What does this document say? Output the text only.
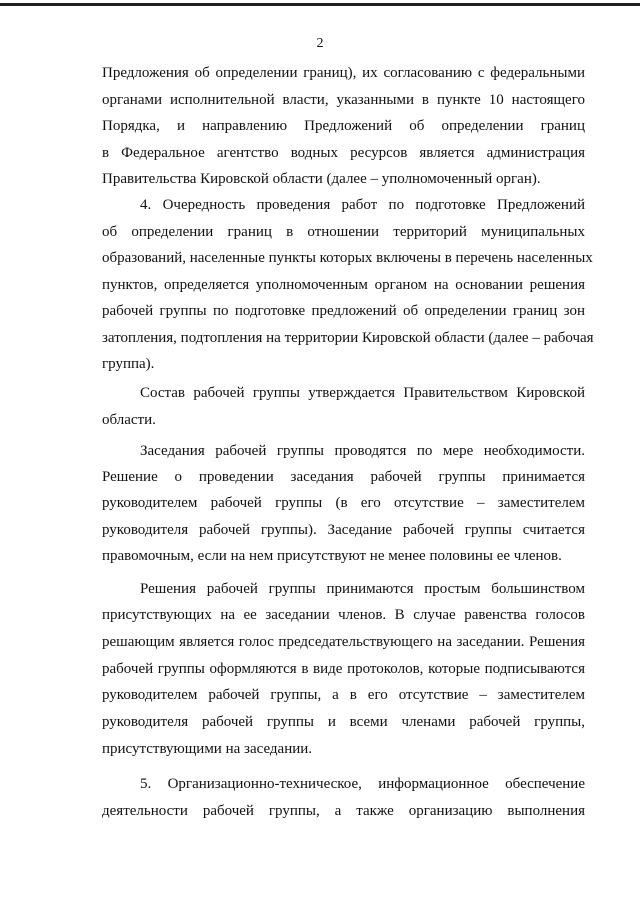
2
Предложения об определении границ), их согласованию с федеральными
органами исполнительной власти, указанными в пункте 10 настоящего
Порядка, и направлению Предложений об определении границ
в Федеральное агентство водных ресурсов является администрация
Правительства Кировской области (далее – уполномоченный орган).
4. Очередность проведения работ по подготовке Предложений
об определении границ в отношении территорий муниципальных
образований, населенные пункты которых включены в перечень населенных
пунктов, определяется уполномоченным органом на основании решения
рабочей группы по подготовке предложений об определении границ зон
затопления, подтопления на территории Кировской области (далее – рабочая
группа).
Состав рабочей группы утверждается Правительством Кировской
области.
Заседания рабочей группы проводятся по мере необходимости.
Решение о проведении заседания рабочей группы принимается
руководителем рабочей группы (в его отсутствие – заместителем
руководителя рабочей группы). Заседание рабочей группы считается
правомочным, если на нем присутствуют не менее половины ее членов.
Решения рабочей группы принимаются простым большинством
присутствующих на ее заседании членов. В случае равенства голосов
решающим является голос председательствующего на заседании. Решения
рабочей группы оформляются в виде протоколов, которые подписываются
руководителем рабочей группы, а в его отсутствие – заместителем
руководителя рабочей группы и всеми членами рабочей группы,
присутствующими на заседании.
5. Организационно-техническое, информационное обеспечение
деятельности рабочей группы, а также организацию выполнения
